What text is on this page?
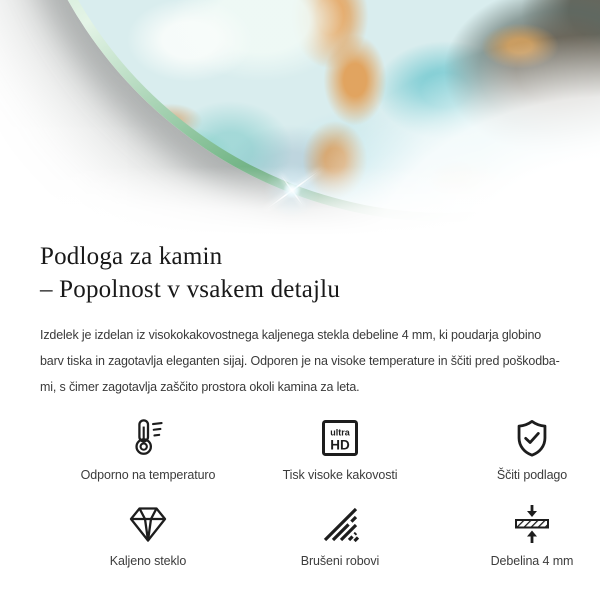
Podloga za kamin
– Popolnost v vsakem detajlu
Izdelek je izdelan iz visokokakovostnega kaljenega stekla debeline 4 mm, ki poudarja globino
barv tiska in zagotavlja eleganten sijaj. Odporen je na visoke temperature in ščiti pred poškodba-
mi, s čimer zagotavlja zaščito prostora okoli kamina za leta.
Odporno na temperaturo
ultra
HD
Tisk visoke kakovosti	Ščiti podlago
Kaljeno steklo	Brušeni robovi	Debelina 4 mm
